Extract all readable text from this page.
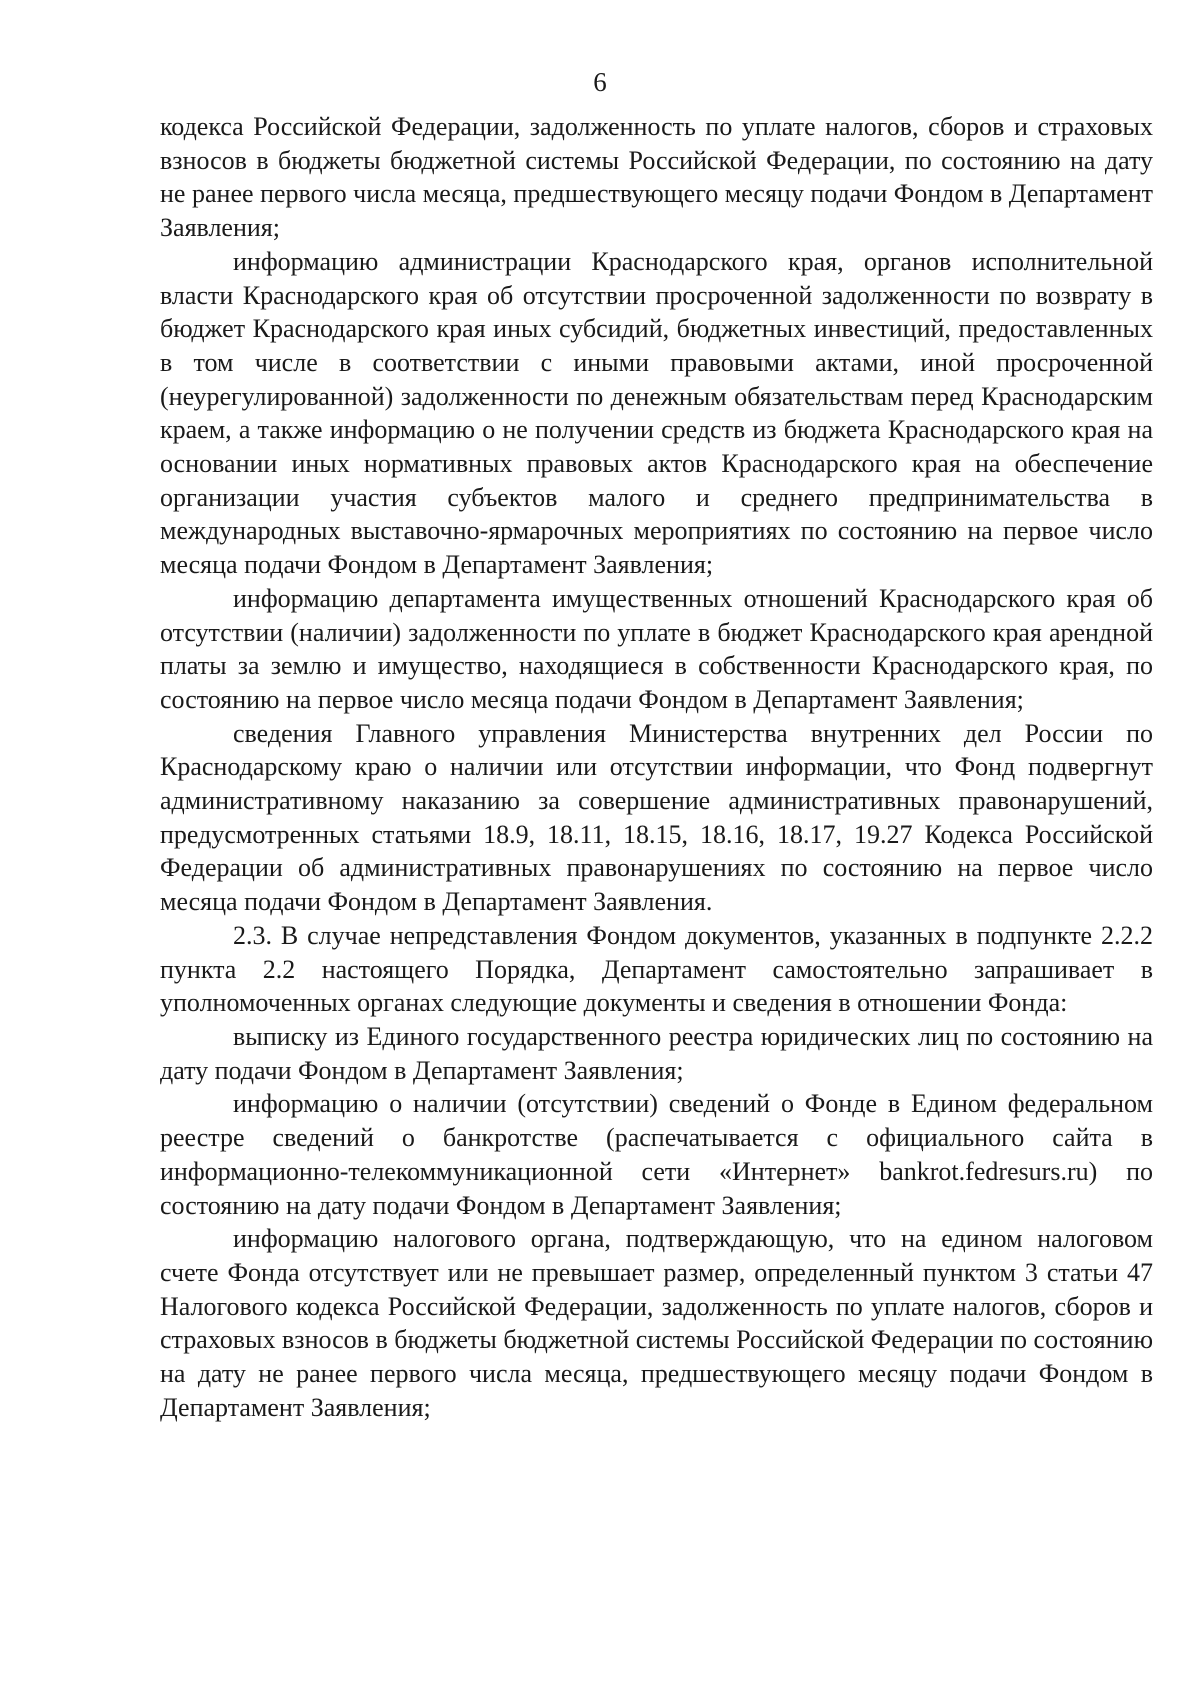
6

кодекса Российской Федерации, задолженность по уплате налогов, сборов и страховых взносов в бюджеты бюджетной системы Российской Федерации, по состоянию на дату не ранее первого числа месяца, предшествующего месяцу подачи Фондом в Департамент Заявления;

информацию администрации Краснодарского края, органов исполнительной власти Краснодарского края об отсутствии просроченной задолженности по возврату в бюджет Краснодарского края иных субсидий, бюджетных инвестиций, предоставленных в том числе в соответствии с иными правовыми актами, иной просроченной (неурегулированной) задолженности по денежным обязательствам перед Краснодарским краем, а также информацию о не получении средств из бюджета Краснодарского края на основании иных нормативных правовых актов Краснодарского края на обеспечение организации участия субъектов малого и среднего предпринимательства в международных выставочно-ярмарочных мероприятиях по состоянию на первое число месяца подачи Фондом в Департамент Заявления;

информацию департамента имущественных отношений Краснодарского края об отсутствии (наличии) задолженности по уплате в бюджет Краснодарского края арендной платы за землю и имущество, находящиеся в собственности Краснодарского края, по состоянию на первое число месяца подачи Фондом в Департамент Заявления;

сведения Главного управления Министерства внутренних дел России по Краснодарскому краю о наличии или отсутствии информации, что Фонд подвергнут административному наказанию за совершение административных правонарушений, предусмотренных статьями 18.9, 18.11, 18.15, 18.16, 18.17, 19.27 Кодекса Российской Федерации об административных правонарушениях по состоянию на первое число месяца подачи Фондом в Департамент Заявления.

2.3. В случае непредставления Фондом документов, указанных в подпункте 2.2.2 пункта 2.2 настоящего Порядка, Департамент самостоятельно запрашивает в уполномоченных органах следующие документы и сведения в отношении Фонда:

выписку из Единого государственного реестра юридических лиц по состоянию на дату подачи Фондом в Департамент Заявления;

информацию о наличии (отсутствии) сведений о Фонде в Едином федеральном реестре сведений о банкротстве (распечатывается с официального сайта в информационно-телекоммуникационной сети «Интернет» bankrot.fedresurs.ru) по состоянию на дату подачи Фондом в Департамент Заявления;

информацию налогового органа, подтверждающую, что на едином налоговом счете Фонда отсутствует или не превышает размер, определенный пунктом 3 статьи 47 Налогового кодекса Российской Федерации, задолженность по уплате налогов, сборов и страховых взносов в бюджеты бюджетной системы Российской Федерации по состоянию на дату не ранее первого числа месяца, предшествующего месяцу подачи Фондом в Департамент Заявления;
